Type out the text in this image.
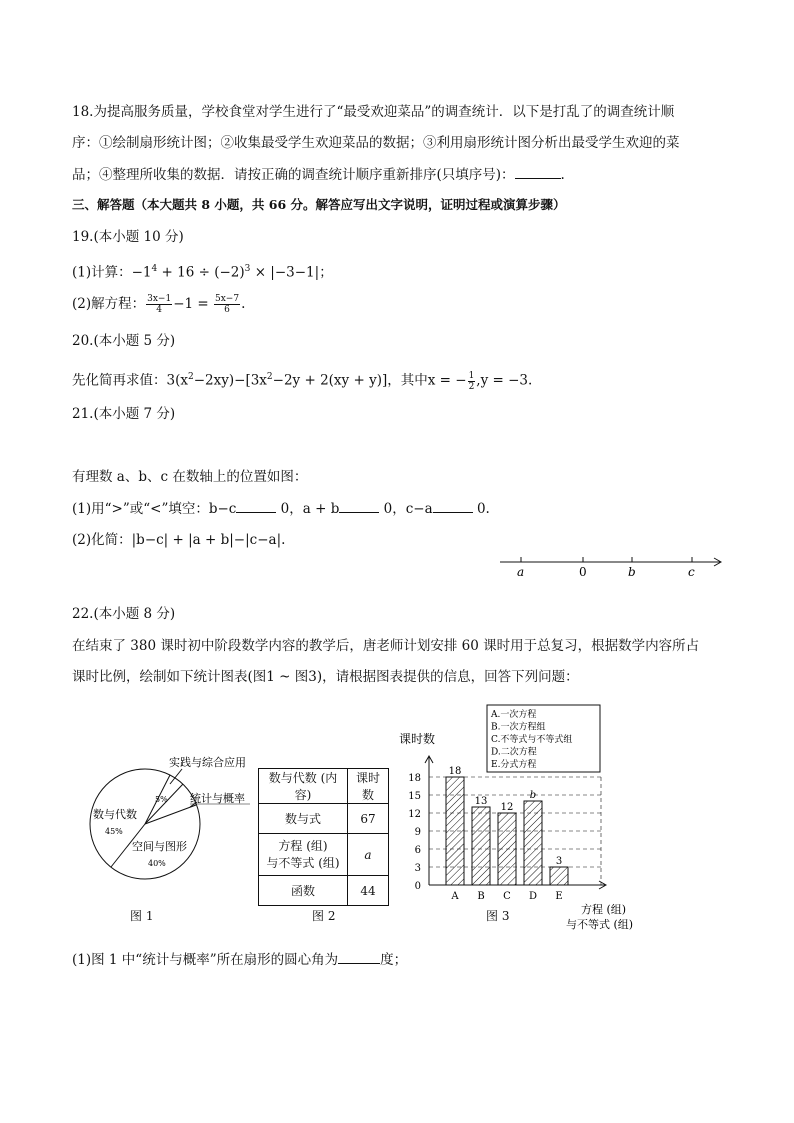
18.为提高服务质量，学校食堂对学生进行了“最受欢迎菜品”的调查统计．以下是打乱了的调查统计顺
序：①绘制扇形统计图；②收集最受学生欢迎菜品的数据；③利用扇形统计图分析出最受学生欢迎的菜
品；④整理所收集的数据．请按正确的调查统计顺序重新排序(只填序号)：	.
三、解答题（本大题共 8 小题，共 66 分。解答应写出文字说明，证明过程或演算步骤）
19.(本小题 10 分)
(1)计算：$-1^4 + 16 \div (-2)^3 \times |-3-1|$；
(2)解方程： $\frac{3x-1}{4} -1 = \frac{5x-7}{6}$ .
20.(本小题 5 分)
先化简再求值：$3(x^2-2xy)-[3x^2-2y + 2(xy + y)]$，其中x = − $\frac{1}{2} ,y = -3$.
21.(本小题 7 分)
有理数 a、b、c 在数轴上的位置如图：
(1)用“>”或“<”填空：b−c	0，a + b	0，c−a	0.
(2)化简：|b−c| + |a + b|−|c−a|.
a	0	b	c
22.(本小题 8 分)
在结束了 380 课时初中阶段数学内容的教学后，唐老师计划安排 60 课时用于总复习，根据数学内容所占
课时比例，绘制如下统计图表(图1 ~ 图3)，请根据图表提供的信息，回答下列问题：
实践与综合应用
统计与概率
5%
数与代数
45%
空间与图形
40%
图 1
数与代数 (内容)	课时数
数与式	67

方程 (组)
与不等式 (组)	a
函数	44
图 2
0
3
6
9
12
15
18
18
A
13
B
12
C
b
D
3
E
A.一次方程
B.一次方程组
C.不等式与不等式组
D.二次方程
E.分式方程
课时数
方程 (组)
与不等式 (组)
图 3
(1)图 1 中“统计与概率”所在扇形的圆心角为	度；
